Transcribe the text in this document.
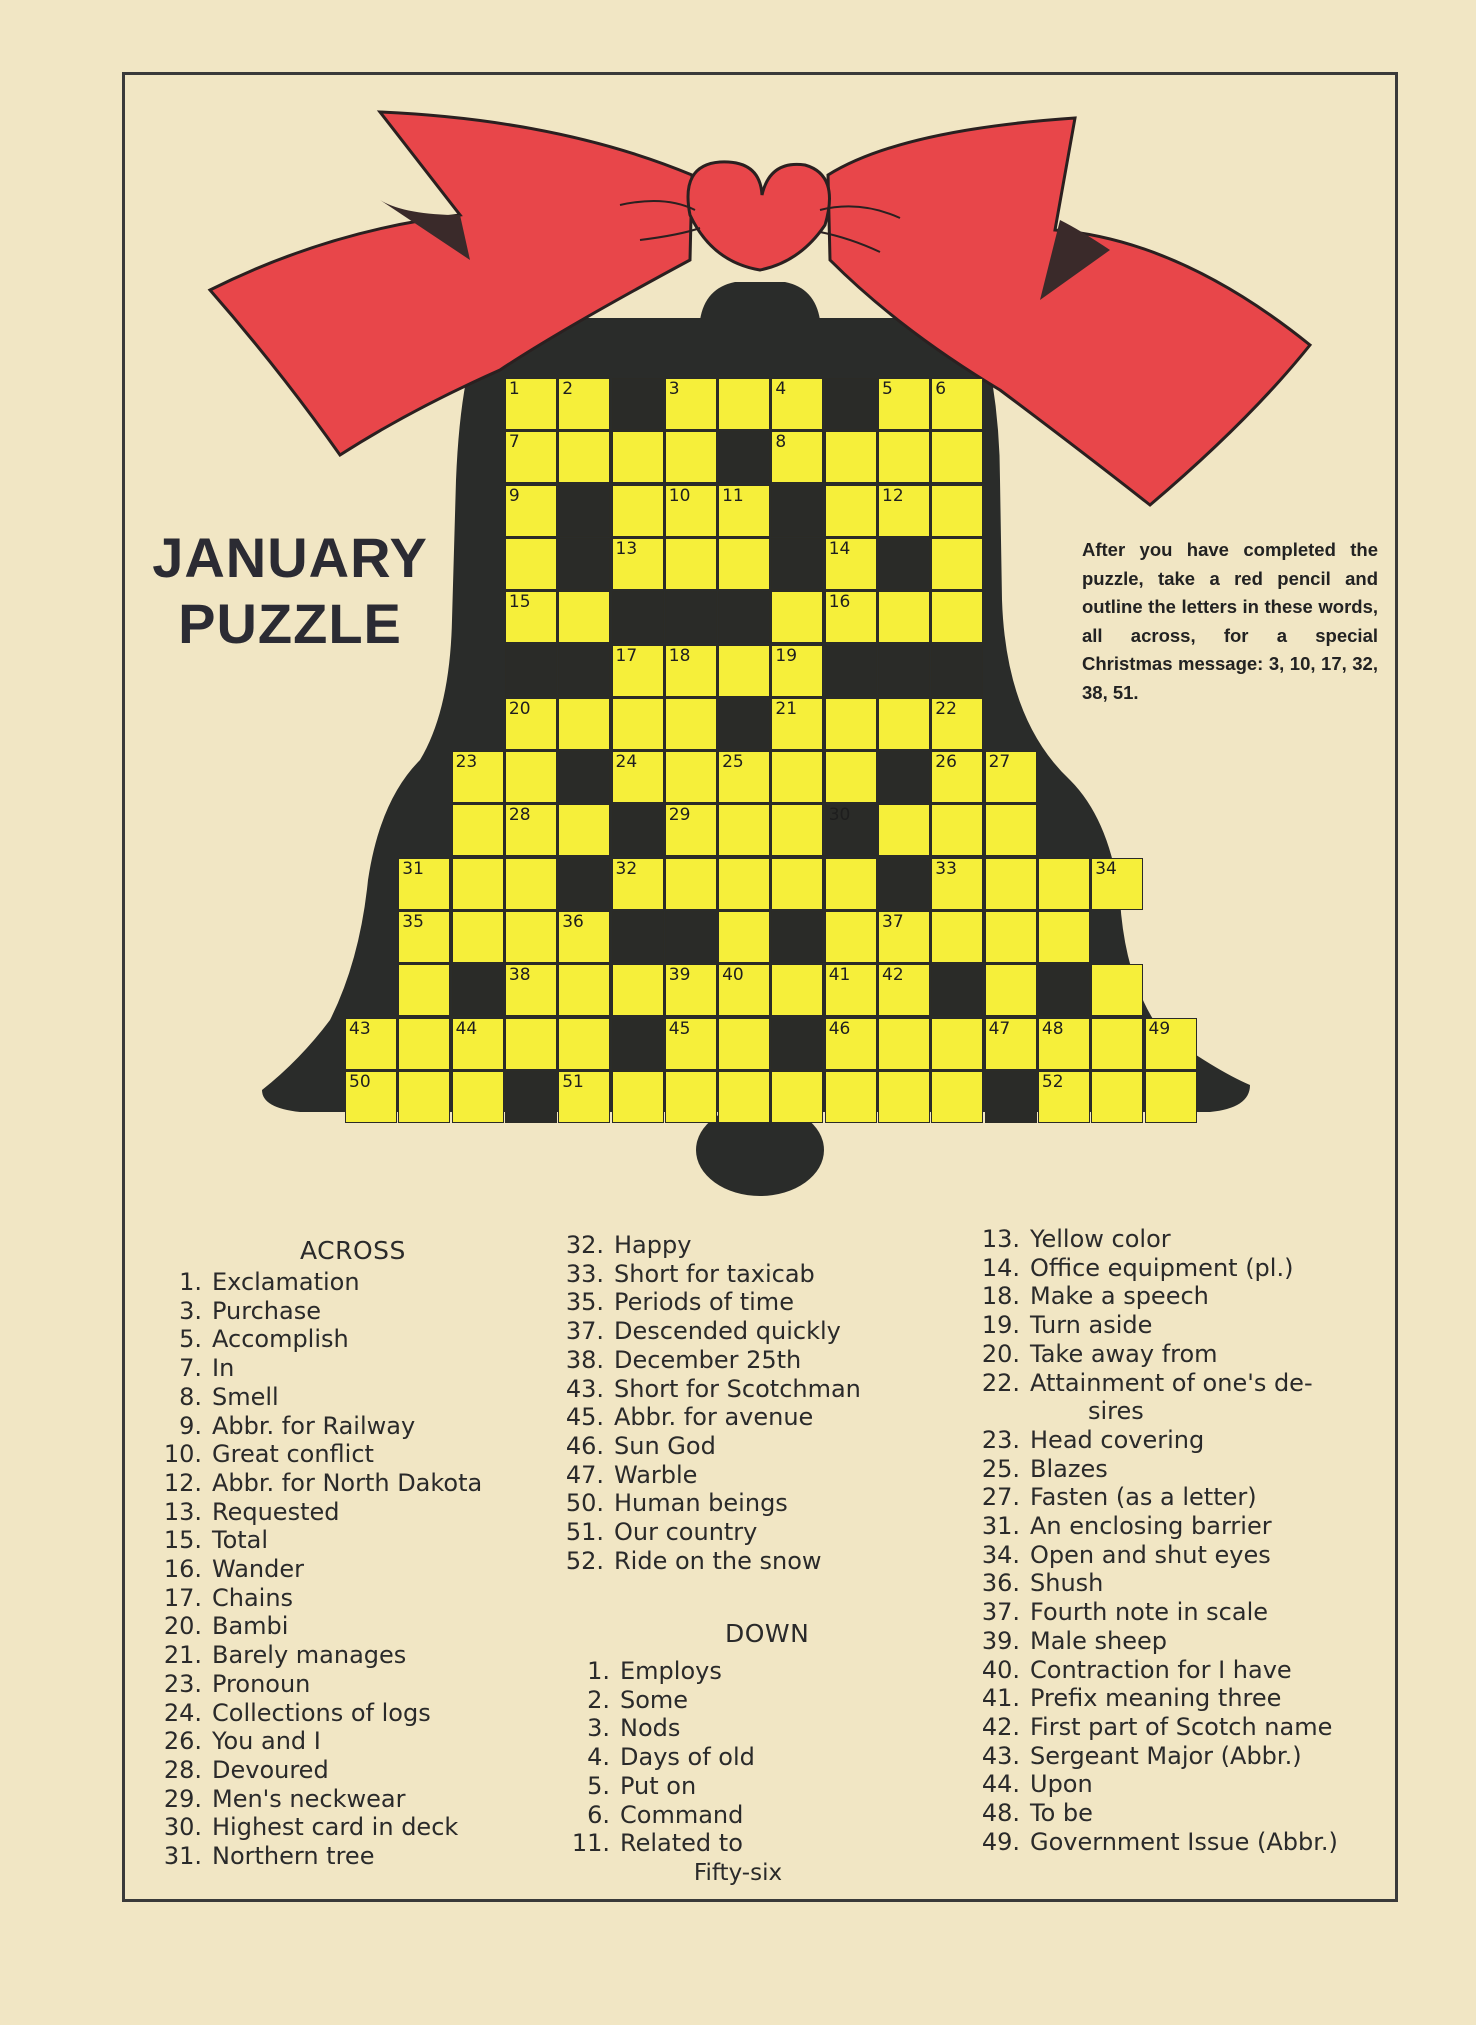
JANUARY
PUZZLE
After you have completed the puzzle, take a red pencil and outline the letters in these words, all across, for a special Christmas message: 3, 10, 17, 32, 38, 51.
1 2	3	4	5 6
7	8
9	10 11	12
13	14
15	16
17 18	19
20	21	22
23	24	25	26 27
28	29	30
31	32	33	34
35	36	37
38	39 40	41 42
43	44	45	46	47 48	49
50	51	52
ACROSS
1. Exclamation
3. Purchase
5. Accomplish
7. In
8. Smell
9. Abbr. for Railway
10. Great conflict
12. Abbr. for North Dakota
13. Requested
15. Total
16. Wander
17. Chains
20. Bambi
21. Barely manages
23. Pronoun
24. Collections of logs
26. You and I
28. Devoured
29. Men's neckwear
30. Highest card in deck
31. Northern tree
32. Happy
33. Short for taxicab
35. Periods of time
37. Descended quickly
38. December 25th
43. Short for Scotchman
45. Abbr. for avenue
46. Sun God
47. Warble
50. Human beings
51. Our country
52. Ride on the snow
DOWN
1. Employs
2. Some
3. Nods
4. Days of old
5. Put on
6. Command
11. Related to
13. Yellow color
14. Office equipment (pl.)
18. Make a speech
19. Turn aside
20. Take away from
22. Attainment of one's de-
sires
23. Head covering
25. Blazes
27. Fasten (as a letter)
31. An enclosing barrier
34. Open and shut eyes
36. Shush
37. Fourth note in scale
39. Male sheep
40. Contraction for I have
41. Prefix meaning three
42. First part of Scotch name
43. Sergeant Major (Abbr.)
44. Upon
48. To be
49. Government Issue (Abbr.)
Fifty-six
